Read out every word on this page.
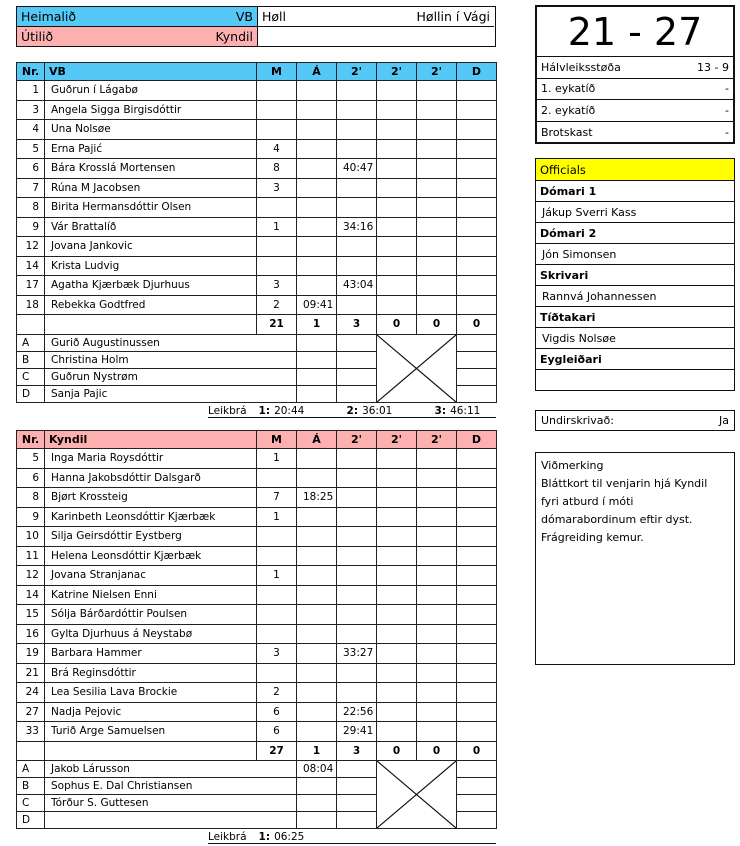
Heimalið	VB
Útilið	Kyndil
Høll	Høllin í Vági
Nr.	VB	M	Á	2'	2'	2'	D
1	Guðrun í Lágabø						
3	Angela Sigga Birgisdóttir						
4	Una Nolsøe						
5	Erna Pajić	4					
6	Bára Krosslá Mortensen	8		40:47			
7	Rúna M Jacobsen	3					
8	Birita Hermansdóttir Olsen						
9	Vár Brattalíð	1		34:16			
12	Jovana Jankovic						
14	Krista Ludvig						
17	Agatha Kjærbæk Djurhuus	3		43:04			
18	Rebekka Godtfred	2	09:41				
		21	1	3	0	0	0
A	Gurið Augustinussen			

B	Christina Holm						
C	Guðrun Nystrøm						
D	Sanja Pajic						
Leikbrá 1: 20:44	2: 36:01	3: 46:11
Nr.	Kyndil	M	Á	2'	2'	2'	D
5	Inga Maria Roysdóttir	1					
6	Hanna Jakobsdóttir Dalsgarð						
8	Bjørt Krossteig	7	18:25				
9	Karinbeth Leonsdóttir Kjærbæk	1					
10	Silja Geirsdóttir Eystberg						
11	Helena Leonsdóttir Kjærbæk						
12	Jovana Stranjanac	1					
14	Katrine Nielsen Enni						
15	Sólja Bárðardóttir Poulsen						
16	Gylta Djurhuus á Neystabø						
19	Barbara Hammer	3		33:27			
21	Brá Reginsdóttir						
24	Lea Sesilia Lava Brockie	2					
27	Nadja Pejovic	6		22:56			
33	Turið Arge Samuelsen	6		29:41			
		27	1	3	0	0	0
A	Jakob Lárusson		08:04		

B	Sophus E. Dal Christiansen						
C	Tórður S. Guttesen						
D							
Leikbrá 1: 06:25
21 - 27
Hálvleiksstøða	13 - 9
1. eykatíð	-
2. eykatíð	-
Brotskast	-
Officials
Dómari 1
Jákup Sverri Kass
Dómari 2
Jón Simonsen
Skrivari
Rannvá Johannessen
Tíðtakari
Vigdis Nolsøe
Eygleiðari
Undirskrivað:	Ja
Viðmerking
Bláttkort til venjarin hjá Kyndil
fyri atburd í móti
dómarabordinum eftir dyst.
Frágreiding kemur.
